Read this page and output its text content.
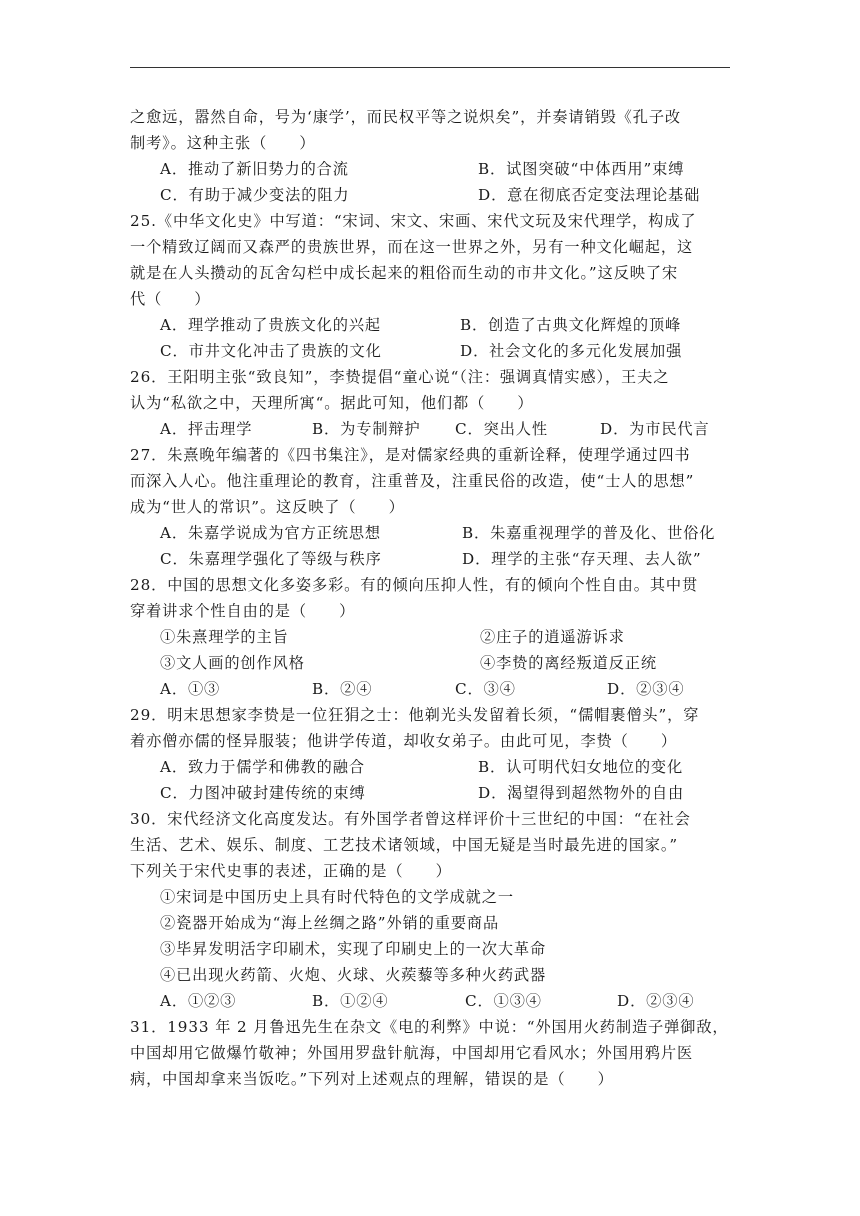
之愈远，嚣然自命，号为‘康学’，而民权平等之说炽矣”，并奏请销毁《孔子改
制考》。这种主张（　　）
A．推动了新旧势力的合流	B．试图突破“中体西用”束缚
C．有助于减少变法的阻力	D．意在彻底否定变法理论基础
25.《中华文化史》中写道：“宋词、宋文、宋画、宋代文玩及宋代理学，构成了
一个精致辽阔而又森严的贵族世界，而在这一世界之外，另有一种文化崛起，这
就是在人头攒动的瓦舍勾栏中成长起来的粗俗而生动的市井文化。”这反映了宋
代（　　）
A．理学推动了贵族文化的兴起	B．创造了古典文化辉煌的顶峰
C．市井文化冲击了贵族的文化	D．社会文化的多元化发展加强
26．王阳明主张“致良知”，李贽提倡“童心说“（注：强调真情实感），王夫之
认为“私欲之中，天理所寓“。据此可知，他们都（　　）
A．抨击理学	B．为专制辩护	C．突出人性	D．为市民代言
27．朱熹晚年编著的《四书集注》，是对儒家经典的重新诠释，使理学通过四书
而深入人心。他注重理论的教育，注重普及，注重民俗的改造，使“士人的思想”
成为“世人的常识”。这反映了（　　）
A．朱嘉学说成为官方正统思想	B．朱嘉重视理学的普及化、世俗化
C．朱嘉理学强化了等级与秩序	D．理学的主张“存天理、去人欲”
28．中国的思想文化多姿多彩。有的倾向压抑人性，有的倾向个性自由。其中贯
穿着讲求个性自由的是（　　）
①朱熹理学的主旨	②庄子的逍遥游诉求
③文人画的创作风格	④李贽的离经叛道反正统
A．①③	B．②④	C．③④	D．②③④
29．明末思想家李贽是一位狂狷之士：他剃光头发留着长须，“儒帽裹僧头”，穿
着亦僧亦儒的怪异服装；他讲学传道，却收女弟子。由此可见，李贽（　　）
A．致力于儒学和佛教的融合	B．认可明代妇女地位的变化
C．力图冲破封建传统的束缚	D．渴望得到超然物外的自由
30．宋代经济文化高度发达。有外国学者曾这样评价十三世纪的中国：“在社会
生活、艺术、娱乐、制度、工艺技术诸领域，中国无疑是当时最先进的国家。”
下列关于宋代史事的表述，正确的是（　　）
①宋词是中国历史上具有时代特色的文学成就之一
②瓷器开始成为“海上丝绸之路”外销的重要商品
③毕昇发明活字印刷术，实现了印刷史上的一次大革命
④已出现火药箭、火炮、火球、火蒺藜等多种火药武器
A．①②③	B．①②④	C．①③④	D．②③④
31．1933 年 2 月鲁迅先生在杂文《电的利弊》中说：“外国用火药制造子弹御敌，
中国却用它做爆竹敬神；外国用罗盘针航海，中国却用它看风水；外国用鸦片医
病，中国却拿来当饭吃。”下列对上述观点的理解，错误的是（　　）
